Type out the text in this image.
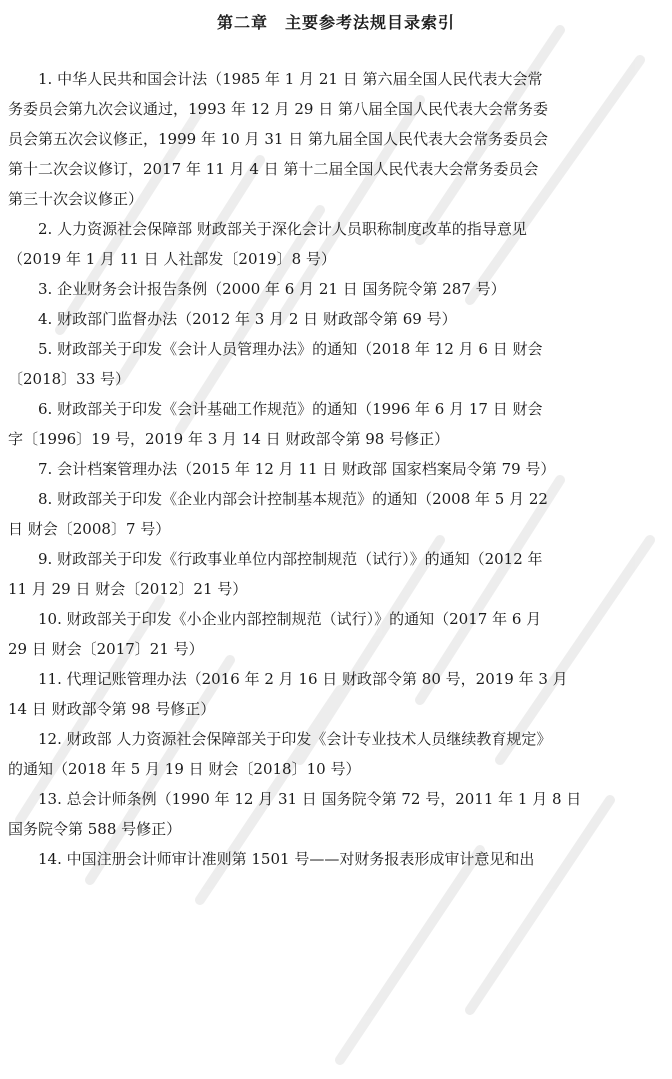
第二章　主要参考法规目录索引
1. 中华人民共和国会计法（1985 年 1 月 21 日 第六届全国人民代表大会常
务委员会第九次会议通过，1993 年 12 月 29 日 第八届全国人民代表大会常务委
员会第五次会议修正，1999 年 10 月 31 日 第九届全国人民代表大会常务委员会
第十二次会议修订，2017 年 11 月 4 日 第十二届全国人民代表大会常务委员会
第三十次会议修正）
2. 人力资源社会保障部 财政部关于深化会计人员职称制度改革的指导意见
（2019 年 1 月 11 日 人社部发〔2019〕8 号）
3. 企业财务会计报告条例（2000 年 6 月 21 日 国务院令第 287 号）
4. 财政部门监督办法（2012 年 3 月 2 日 财政部令第 69 号）
5. 财政部关于印发《会计人员管理办法》的通知（2018 年 12 月 6 日 财会
〔2018〕33 号）
6. 财政部关于印发《会计基础工作规范》的通知（1996 年 6 月 17 日 财会
字〔1996〕19 号，2019 年 3 月 14 日 财政部令第 98 号修正）
7. 会计档案管理办法（2015 年 12 月 11 日 财政部 国家档案局令第 79 号）
8. 财政部关于印发《企业内部会计控制基本规范》的通知（2008 年 5 月 22
日 财会〔2008〕7 号）
9. 财政部关于印发《行政事业单位内部控制规范（试行）》的通知（2012 年
11 月 29 日 财会〔2012〕21 号）
10. 财政部关于印发《小企业内部控制规范（试行）》的通知（2017 年 6 月
29 日 财会〔2017〕21 号）
11. 代理记账管理办法（2016 年 2 月 16 日 财政部令第 80 号，2019 年 3 月
14 日 财政部令第 98 号修正）
12. 财政部 人力资源社会保障部关于印发《会计专业技术人员继续教育规定》
的通知（2018 年 5 月 19 日 财会〔2018〕10 号）
13. 总会计师条例（1990 年 12 月 31 日 国务院令第 72 号，2011 年 1 月 8 日
国务院令第 588 号修正）
14. 中国注册会计师审计准则第 1501 号——对财务报表形成审计意见和出
